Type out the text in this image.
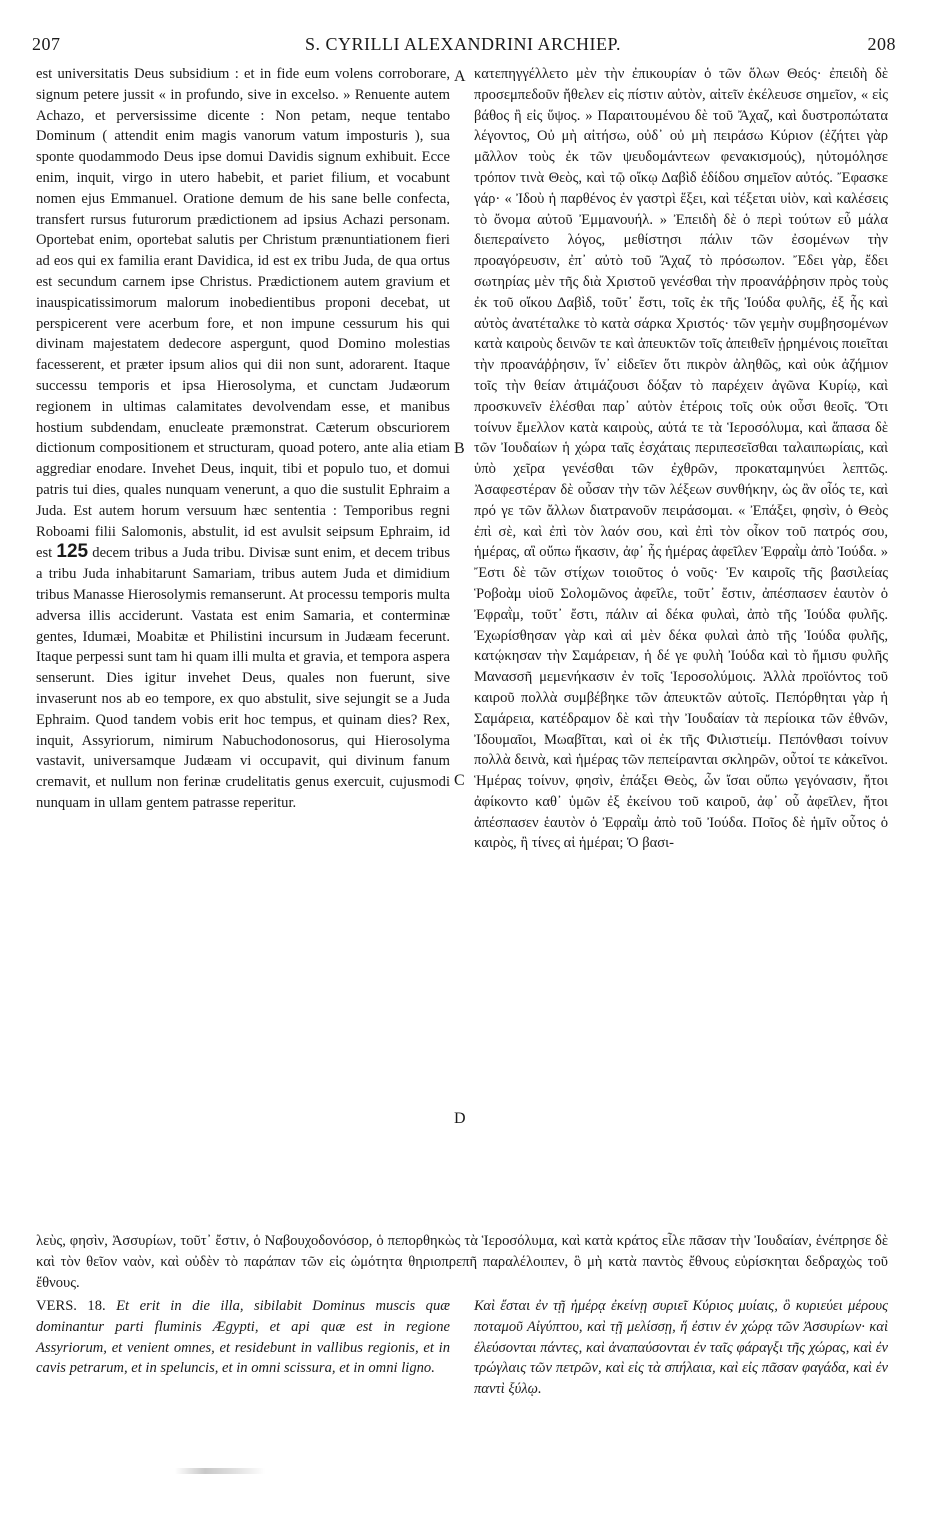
207	S. CYRILLI ALEXANDRINI ARCHIEP.	208

est universitatis Deus subsidium : et in fide eum volens corroborare, signum petere jussit « in profundo, sive in excelso. » Renuente autem Achazo, et perversissime dicente : Non petam, neque tentabo Dominum ( attendit enim magis vanorum vatum imposturis ), sua sponte quodammodo Deus ipse domui Davidis signum exhibuit. Ecce enim, inquit, virgo in utero habebit, et pariet filium, et vocabunt nomen ejus Emmanuel. Oratione demum de his sane belle confecta, transfert rursus futurorum prædictionem ad ipsius Achazi personam. Oportebat enim, oportebat salutis per Christum prænuntiationem fieri ad eos qui ex familia erant Davidica, id est ex tribu Juda, de qua ortus est secundum carnem ipse Christus. Prædictionem autem gravium et inauspicatissimorum malorum inobedientibus proponi decebat, ut perspicerent vere acerbum fore, et non impune cessurum his qui divinam majestatem dedecore aspergunt, quod Domino molestias facesserent, et præter ipsum alios qui dii non sunt, adorarent. Itaque successu temporis et ipsa Hierosolyma, et cunctam Judæorum regionem in ultimas calamitates devolvendam esse, et manibus hostium subdendam, enucleate præmonstrat. Cæterum obscuriorem dictionum compositionem et structuram, quoad potero, ante alia etiam aggrediar enodare. Invehet Deus, inquit, tibi et populo tuo, et domui patris tui dies, quales nunquam venerunt, a quo die sustulit Ephraim a Juda. Est autem horum versuum hæc sententia : Temporibus regni Roboami filii Salomonis, abstulit, id est avulsit seipsum Ephraim, id est 125 decem tribus a Juda tribu. Divisæ sunt enim, et decem tribus a tribu Juda inhabitarunt Samariam, tribus autem Juda et dimidium tribus Manasse Hierosolymis remanserunt. At processu temporis multa adversa illis acciderunt. Vastata est enim Samaria, et conterminæ gentes, Idumæi, Moabitæ et Philistini incursum in Judæam fecerunt. Itaque perpessi sunt tam hi quam illi multa et gravia, et tempora aspera senserunt. Dies igitur invehet Deus, quales non fuerunt, sive invaserunt nos ab eo tempore, ex quo abstulit, sive sejungit se a Juda Ephraim. Quod tandem vobis erit hoc tempus, et quinam dies? Rex, inquit, Assyriorum, nimirum Nabuchodonosorus, qui Hierosolyma vastavit, universamque Judæam vi occupavit, qui divinum fanum cremavit, et nullum non ferinæ crudelitatis genus exercuit, cujusmodi nunquam in ullam gentem patrasse reperitur.

A
B
C
D

κατεπηγγέλλετο μὲν τὴν ἐπικουρίαν ὁ τῶν ὅλων Θεός· ἐπειδὴ δὲ προσεμπεδοῦν ἤθελεν εἰς πίστιν αὐτὸν, αἰτεῖν ἐκέλευσε σημεῖον, « εἰς βάθος ἢ εἰς ὕψος. » Παραιτουμένου δὲ τοῦ Ἄχαζ, καὶ δυστροπώτατα λέγοντος, Οὐ μὴ αἰτήσω, οὐδ᾽ οὐ μὴ πειράσω Κύριον (ἐζήτει γὰρ μᾶλλον τοὺς ἐκ τῶν ψευδομάντεων φενακισμούς), ηὐτομόλησε τρόπον τινὰ Θεὸς, καὶ τῷ οἴκῳ Δαβὶδ ἐδίδου σημεῖον αὐτός. Ἔφασκε γάρ· « Ἰδοὺ ἡ παρθένος ἐν γαστρὶ ἕξει, καὶ τέξεται υἱὸν, καὶ καλέσεις τὸ ὄνομα αὐτοῦ Ἐμμανουήλ. » Ἐπειδὴ δὲ ὁ περὶ τούτων εὖ μάλα διεπεραίνετο λόγος, μεθίστησι πάλιν τῶν ἐσομένων τὴν προαγόρευσιν, ἐπ᾽ αὐτὸ τοῦ Ἄχαζ τὸ πρόσωπον. Ἔδει γὰρ, ἔδει σωτηρίας μὲν τῆς διὰ Χριστοῦ γενέσθαι τὴν προανάῤῥησιν πρὸς τοὺς ἐκ τοῦ οἴκου Δαβὶδ, τοῦτ᾽ ἔστι, τοῖς ἐκ τῆς Ἰούδα φυλῆς, ἐξ ἧς καὶ αὐτὸς ἀνατέταλκε τὸ κατὰ σάρκα Χριστός· τῶν γεμὴν συμβησομένων κατὰ καιροὺς δεινῶν τε καὶ ἀπευκτῶν τοῖς ἀπειθεῖν ᾑρημένοις ποιεῖται τὴν προανάῤῥησιν, ἵν᾽ εἰδεῖεν ὅτι πικρὸν ἀληθῶς, καὶ οὐκ ἀζήμιον τοῖς τὴν θείαν ἀτιμάζουσι δόξαν τὸ παρέχειν ἀγῶνα Κυρίῳ, καὶ προσκυνεῖν ἑλέσθαι παρ᾽ αὐτὸν ἑτέροις τοῖς οὐκ οὖσι θεοῖς. Ὅτι τοίνυν ἔμελλον κατὰ καιροὺς, αὐτά τε τὰ Ἱεροσόλυμα, καὶ ἅπασα δὲ τῶν Ἰουδαίων ἡ χώρα ταῖς ἐσχάταις περιπεσεῖσθαι ταλαιπωρίαις, καὶ ὑπὸ χεῖρα γενέσθαι τῶν ἐχθρῶν, προκαταμηνύει λεπτῶς. Ἀσαφεστέραν δὲ οὖσαν τὴν τῶν λέξεων συνθήκην, ὡς ἂν οἷός τε, καὶ πρό γε τῶν ἄλλων διατρανοῦν πειράσομαι. « Ἐπάξει, φησὶν, ὁ Θεὸς ἐπὶ σὲ, καὶ ἐπὶ τὸν λαόν σου, καὶ ἐπὶ τὸν οἶκον τοῦ πατρός σου, ἡμέρας, αἳ οὔπω ἥκασιν, ἀφ᾽ ἧς ἡμέρας ἀφεῖλεν Ἐφραῒμ ἀπὸ Ἰούδα. » Ἔστι δὲ τῶν στίχων τοιοῦτος ὁ νοῦς· Ἐν καιροῖς τῆς βασιλείας Ῥοβοὰμ υἱοῦ Σολομῶνος ἀφεῖλε, τοῦτ᾽ ἔστιν, ἀπέσπασεν ἑαυτὸν ὁ Ἐφραῒμ, τοῦτ᾽ ἔστι, πάλιν αἱ δέκα φυλαὶ, ἀπὸ τῆς Ἰούδα φυλῆς. Ἐχωρίσθησαν γὰρ καὶ αἱ μὲν δέκα φυλαὶ ἀπὸ τῆς Ἰούδα φυλῆς, κατῴκησαν τὴν Σαμάρειαν, ἡ δέ γε φυλὴ Ἰούδα καὶ τὸ ἥμισυ φυλῆς Μανασσῆ μεμενήκασιν ἐν τοῖς Ἱεροσολύμοις. Ἀλλὰ προϊόντος τοῦ καιροῦ πολλὰ συμβέβηκε τῶν ἀπευκτῶν αὐτοῖς. Πεπόρθηται γὰρ ἡ Σαμάρεια, κατέδραμον δὲ καὶ τὴν Ἰουδαίαν τὰ περίοικα τῶν ἐθνῶν, Ἰδουμαῖοι, Μωαβῖται, καὶ οἱ ἐκ τῆς Φιλιστιείμ. Πεπόνθασι τοίνυν πολλὰ δεινὰ, καὶ ἡμέρας τῶν πεπείρανται σκληρῶν, οὗτοί τε κἀκεῖνοι. Ἡμέρας τοίνυν, φησὶν, ἐπάξει Θεὸς, ὧν ἴσαι οὔπω γεγόνασιν, ἤτοι ἀφίκοντο καθ᾽ ὑμῶν ἐξ ἐκείνου τοῦ καιροῦ, ἀφ᾽ οὗ ἀφεῖλεν, ἤτοι ἀπέσπασεν ἑαυτὸν ὁ Ἐφραῒμ ἀπὸ τοῦ Ἰούδα. Ποῖος δὲ ἡμῖν οὗτος ὁ καιρὸς, ἢ τίνες αἱ ἡμέραι; Ὁ βασι-

λεὺς, φησὶν, Ἀσσυρίων, τοῦτ᾽ ἔστιν, ὁ Ναβουχοδονόσορ, ὁ πεπορθηκὼς τὰ Ἱεροσόλυμα, καὶ κατὰ κράτος εἶλε πᾶσαν τὴν Ἰουδαίαν, ἐνέπρησε δὲ καὶ τὸν θεῖον ναὸν, καὶ οὐδὲν τὸ παράπαν τῶν εἰς ὠμότητα θηριοπρεπῆ παραλέλοιπεν, ὃ μὴ κατὰ παντὸς ἔθνους εὑρίσκηται δεδραχὼς τοῦ ἔθνους.

VERS. 18. Et erit in die illa, sibilabit Dominus muscis quæ dominantur parti fluminis Ægypti, et api quæ est in regione Assyriorum, et venient omnes, et residebunt in vallibus regionis, et in cavis petrarum, et in speluncis, et in omni scissura, et in omni ligno.

Καὶ ἔσται ἐν τῇ ἡμέρᾳ ἐκείνῃ συριεῖ Κύριος μυίαις, ὃ κυριεύει μέρους ποταμοῦ Αἰγύπτου, καὶ τῇ μελίσσῃ, ἥ ἐστιν ἐν χώρᾳ τῶν Ἀσσυρίων· καὶ ἐλεύσονται πάντες, καὶ ἀναπαύσονται ἐν ταῖς φάραγξι τῆς χώρας, καὶ ἐν τρώγλαις τῶν πετρῶν, καὶ εἰς τὰ σπήλαια, καὶ εἰς πᾶσαν φαγάδα, καὶ ἐν παντὶ ξύλῳ.
